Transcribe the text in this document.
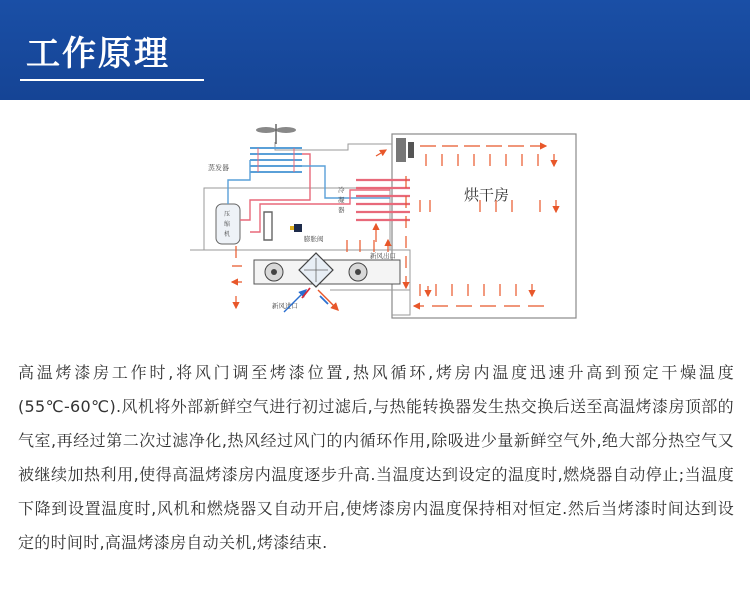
工作原理
蒸发器
压
缩
机
膨胀阀
冷
凝
器
烘干房
新风出口
新风进口
高温烤漆房工作时,将风门调至烤漆位置,热风循环,烤房内温度迅速升高到预定干燥温度(55℃-60℃).风机将外部新鲜空气进行初过滤后,与热能转换器发生热交换后送至高温烤漆房顶部的气室,再经过第二次过滤净化,热风经过风门的内循环作用,除吸进少量新鲜空气外,绝大部分热空气又被继续加热利用,使得高温烤漆房内温度逐步升高.当温度达到设定的温度时,燃烧器自动停止;当温度下降到设置温度时,风机和燃烧器又自动开启,使烤漆房内温度保持相对恒定.然后当烤漆时间达到设定的时间时,高温烤漆房自动关机,烤漆结束.
